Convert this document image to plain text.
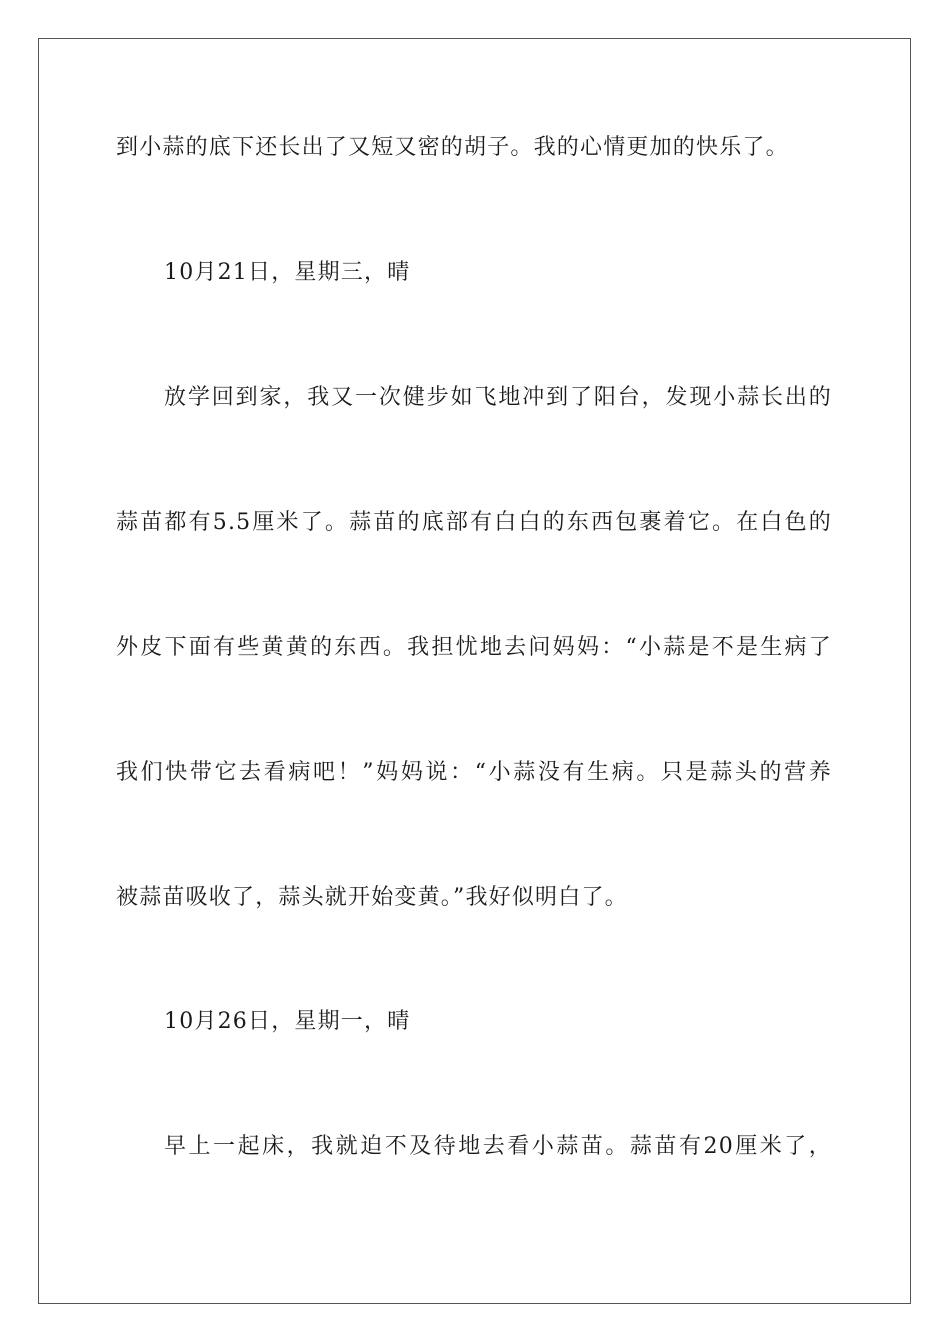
到小蒜的底下还长出了又短又密的胡子。我的心情更加的快乐了。
10月21日，星期三，晴
放学回到家，我又一次健步如飞地冲到了阳台，发现小蒜长出的
蒜苗都有5.5厘米了。蒜苗的底部有白白的东西包裹着它。在白色的
外皮下面有些黄黄的东西。我担忧地去问妈妈：“小蒜是不是生病了
我们快带它去看病吧！”妈妈说：“小蒜没有生病。只是蒜头的营养
被蒜苗吸收了，蒜头就开始变黄。”我好似明白了。
10月26日，星期一，晴
早上一起床，我就迫不及待地去看小蒜苗。蒜苗有20厘米了，
